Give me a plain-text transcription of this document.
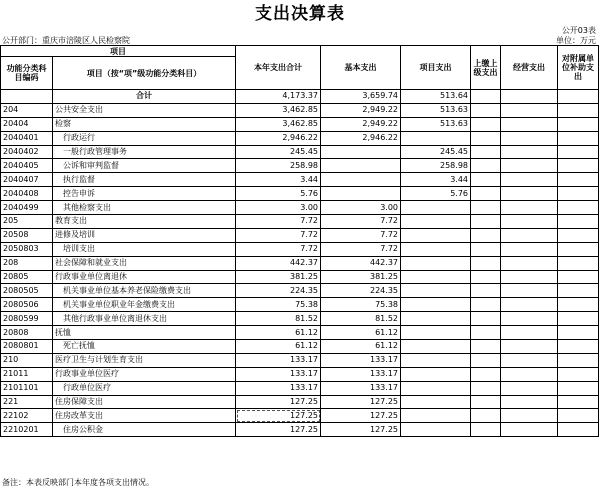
支出决算表
公开03表
公开部门：重庆市涪陵区人民检察院	单位：万元
项目		本年支出合计	基本支出	项目支出	上缴上级支出	经营支出	对附属单位补助支出
功能分类科目编码	项目（按“项”级功能分类科目）						
	合计	4,173.37	3,659.74	513.64			
204	公共安全支出	3,462.85	2,949.22	513.63			
20404	检察	3,462.85	2,949.22	513.63			
2040401	行政运行	2,946.22	2,946.22				
2040402	一般行政管理事务	245.45		245.45			
2040405	公诉和审判监督	258.98		258.98			
2040407	执行监督	3.44		3.44			
2040408	控告申诉	5.76		5.76			
2040499	其他检察支出	3.00	3.00				
205	教育支出	7.72	7.72				
20508	进修及培训	7.72	7.72				
2050803	培训支出	7.72	7.72				
208	社会保障和就业支出	442.37	442.37				
20805	行政事业单位离退休	381.25	381.25				
2080505	机关事业单位基本养老保险缴费支出	224.35	224.35				
2080506	机关事业单位职业年金缴费支出	75.38	75.38				
2080599	其他行政事业单位离退休支出	81.52	81.52				
20808	抚恤	61.12	61.12				
2080801	死亡抚恤	61.12	61.12				
210	医疗卫生与计划生育支出	133.17	133.17				
21011	行政事业单位医疗	133.17	133.17				
2101101	行政单位医疗	133.17	133.17				
221	住房保障支出	127.25	127.25				
22102	住房改革支出	127.25	127.25				
2210201	住房公积金	127.25	127.25				
备注：本表反映部门本年度各项支出情况。
